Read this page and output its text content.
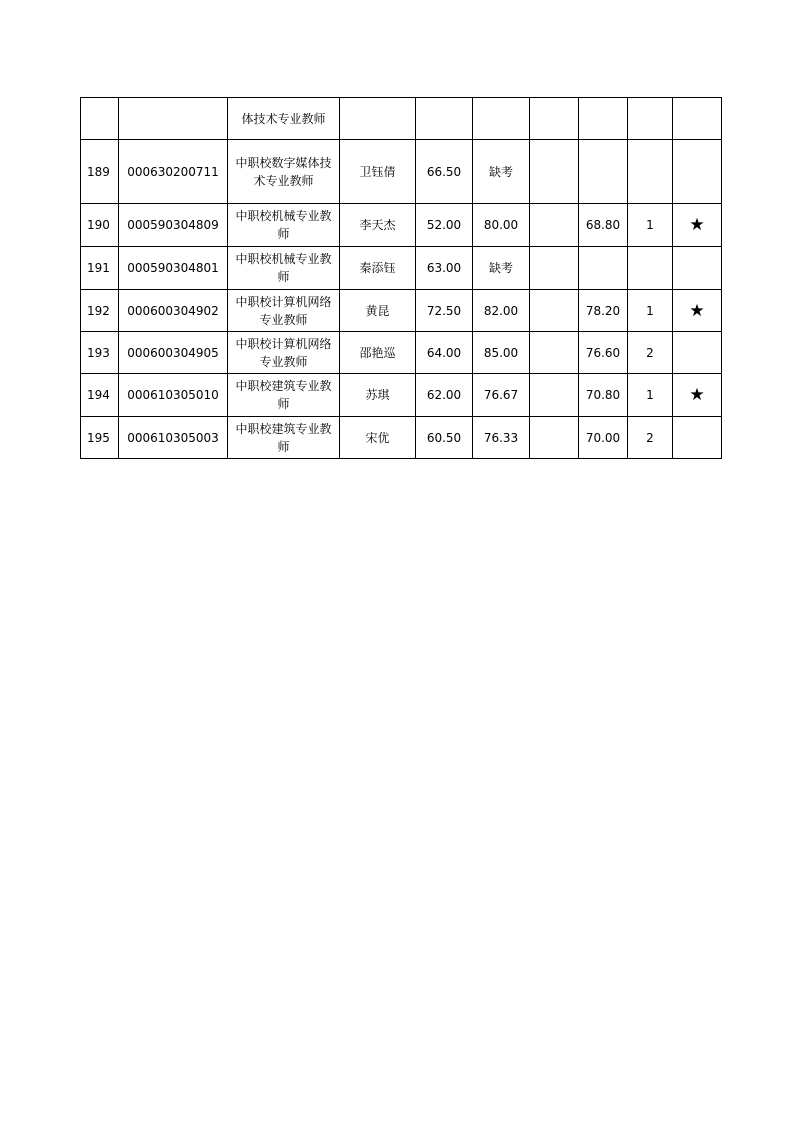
		体技术专业教师							
189	000630200711	中职校数字媒体技术专业教师	卫钰倩	66.50	缺考				
190	000590304809	中职校机械专业教师	李天杰	52.00	80.00		68.80	1	★
191	000590304801	中职校机械专业教师	秦添钰	63.00	缺考				
192	000600304902	中职校计算机网络专业教师	黄昆	72.50	82.00		78.20	1	★
193	000600304905	中职校计算机网络专业教师	邵艳巡	64.00	85.00		76.60	2	
194	000610305010	中职校建筑专业教师	苏琪	62.00	76.67		70.80	1	★
195	000610305003	中职校建筑专业教师	宋优	60.50	76.33		70.00	2	
